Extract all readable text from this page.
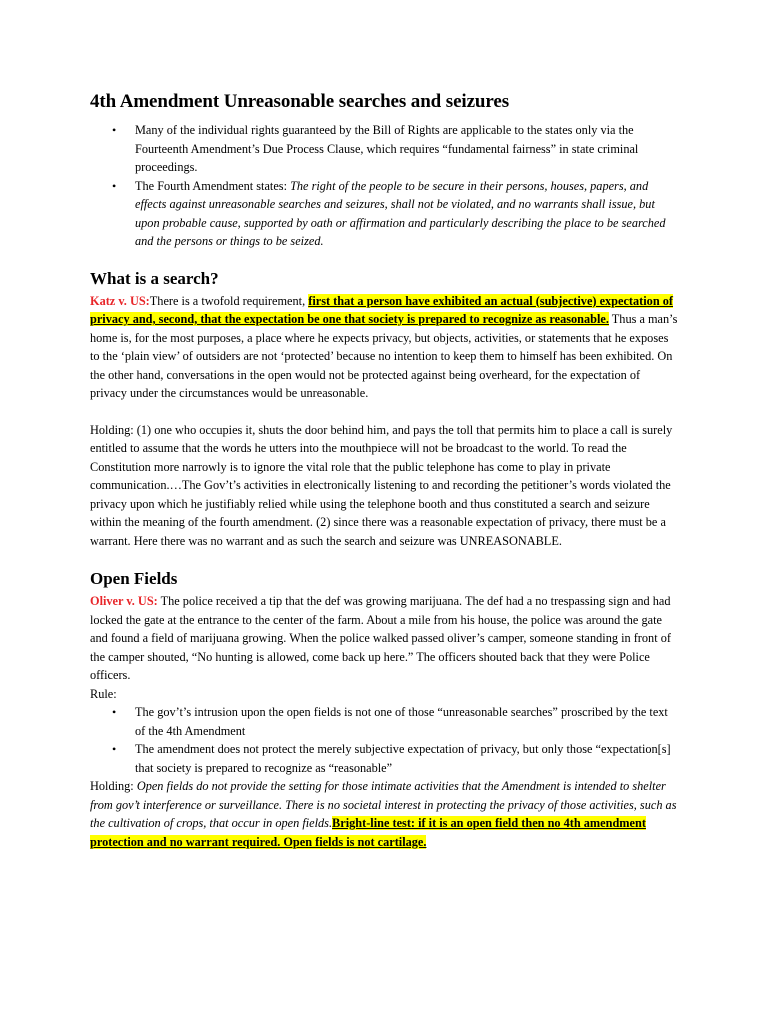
4th Amendment Unreasonable searches and seizures
• Many of the individual rights guaranteed by the Bill of Rights are applicable to the states only via the Fourteenth Amendment’s Due Process Clause, which requires “fundamental fairness” in state criminal proceedings.
• The Fourth Amendment states: The right of the people to be secure in their persons, houses, papers, and effects against unreasonable searches and seizures, shall not be violated, and no warrants shall issue, but upon probable cause, supported by oath or affirmation and particularly describing the place to be searched and the persons or things to be seized.
What is a search?

Katz v. US:There is a twofold requirement, first that a person have exhibited an actual (subjective) expectation of privacy and, second, that the expectation be one that society is prepared to recognize as reasonable. Thus a man’s home is, for the most purposes, a place where he expects privacy, but objects, activities, or statements that he exposes to the ‘plain view’ of outsiders are not ‘protected’ because no intention to keep them to himself has been exhibited. On the other hand, conversations in the open would not be protected against being overheard, for the expectation of privacy under the circumstances would be unreasonable.

Holding: (1) one who occupies it, shuts the door behind him, and pays the toll that permits him to place a call is surely entitled to assume that the words he utters into the mouthpiece will not be broadcast to the world. To read the Constitution more narrowly is to ignore the vital role that the public telephone has come to play in private communication.…The Gov’t’s activities in electronically listening to and recording the petitioner’s words violated the privacy upon which he justifiably relied while using the telephone booth and thus constituted a search and seizure within the meaning of the fourth amendment. (2) since there was a reasonable expectation of privacy, there must be a warrant. Here there was no warrant and as such the search and seizure was UNREASONABLE.

Open Fields

Oliver v. US: The police received a tip that the def was growing marijuana. The def had a no trespassing sign and had locked the gate at the entrance to the center of the farm. About a mile from his house, the police was around the gate and found a field of marijuana growing. When the police walked passed oliver’s camper, someone standing in front of the camper shouted, “No hunting is allowed, come back up here.” The officers shouted back that they were Police officers.

Rule:

• The gov’t’s intrusion upon the open fields is not one of those “unreasonable searches” proscribed by the text of the 4th Amendment
• The amendment does not protect the merely subjective expectation of privacy, but only those “expectation[s] that society is prepared to recognize as “reasonable”

Holding: Open fields do not provide the setting for those intimate activities that the Amendment is intended to shelter from gov’t interference or surveillance. There is no societal interest in protecting the privacy of those activities, such as the cultivation of crops, that occur in open fields.Bright-line test: if it is an open field then no 4th amendment protection and no warrant required. Open fields is not cartilage.
